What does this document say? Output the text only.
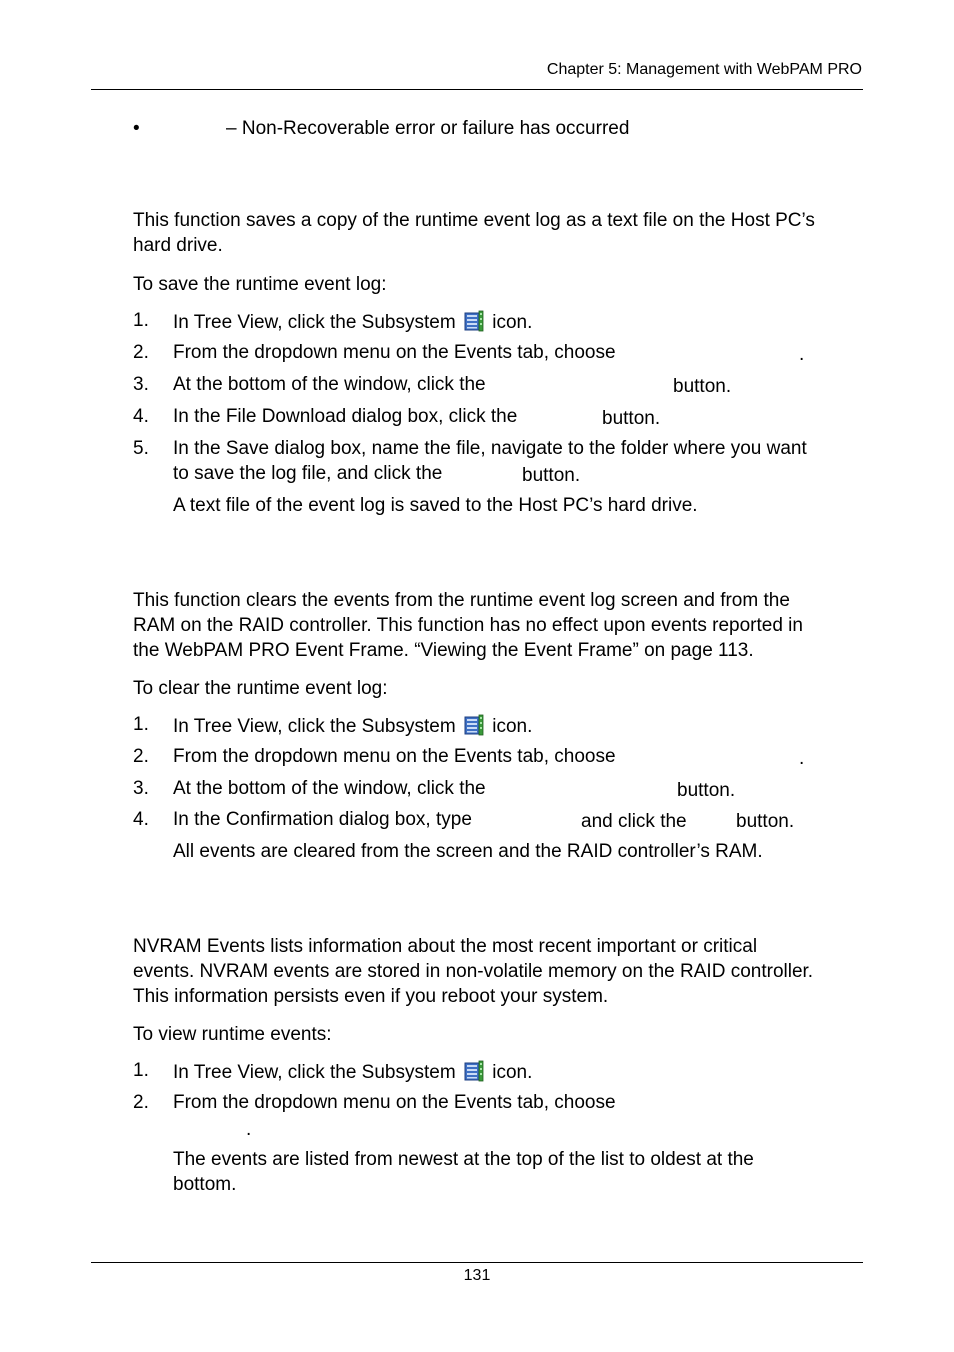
Chapter 5: Management with WebPAM PRO
•	– Non-Recoverable error or failure has occurred
This function saves a copy of the runtime event log as a text file on the Host PC’s
hard drive.
To save the runtime event log:
1. In Tree View, click the Subsystem icon.
2. From the dropdown menu on the Events tab, choose	.
3. At the bottom of the window, click the	button.
4. In the File Download dialog box, click the	button.
5. In the Save dialog box, name the file, navigate to the folder where you want
to save the log file, and click the	button.
A text file of the event log is saved to the Host PC’s hard drive.
This function clears the events from the runtime event log screen and from the
RAM on the RAID controller. This function has no effect upon events reported in
the WebPAM PRO Event Frame. “Viewing the Event Frame” on page 113.
To clear the runtime event log:
1. In Tree View, click the Subsystem icon.
2. From the dropdown menu on the Events tab, choose	.
3. At the bottom of the window, click the	button.
4. In the Confirmation dialog box, type	and click the	button.
All events are cleared from the screen and the RAID controller’s RAM.
NVRAM Events lists information about the most recent important or critical
events. NVRAM events are stored in non-volatile memory on the RAID controller.
This information persists even if you reboot your system.
To view runtime events:
1. In Tree View, click the Subsystem icon.
2. From the dropdown menu on the Events tab, choose
.
The events are listed from newest at the top of the list to oldest at the
bottom.
131
